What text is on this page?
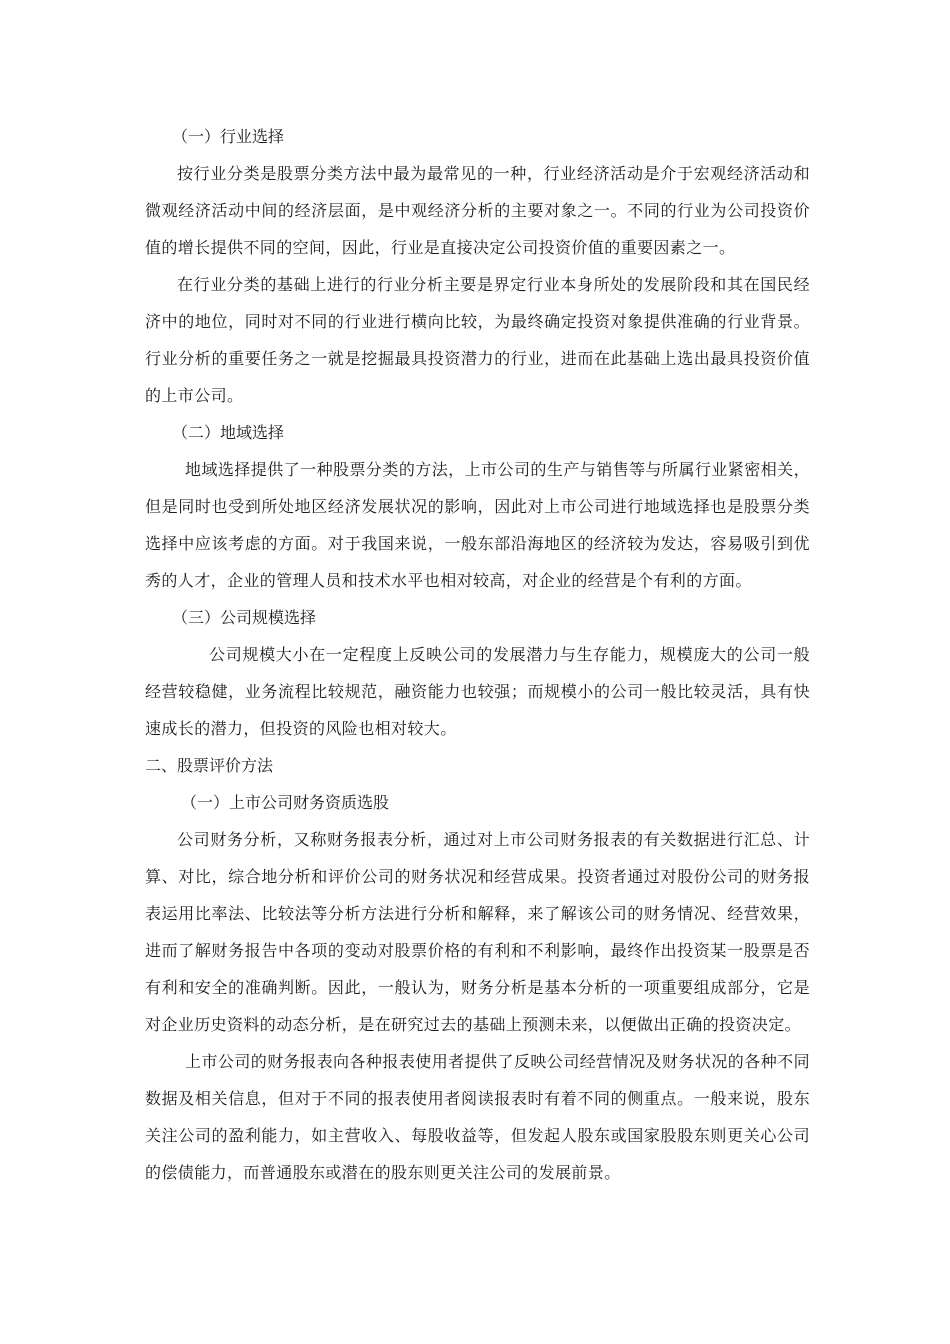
（一）行业选择

按行业分类是股票分类方法中最为最常见的一种，行业经济活动是介于宏观经济活动和微观经济活动中间的经济层面，是中观经济分析的主要对象之一。不同的行业为公司投资价值的增长提供不同的空间，因此，行业是直接决定公司投资价值的重要因素之一。

在行业分类的基础上进行的行业分析主要是界定行业本身所处的发展阶段和其在国民经济中的地位，同时对不同的行业进行横向比较，为最终确定投资对象提供准确的行业背景。行业分析的重要任务之一就是挖掘最具投资潜力的行业，进而在此基础上选出最具投资价值的上市公司。

（二）地域选择

地域选择提供了一种股票分类的方法，上市公司的生产与销售等与所属行业紧密相关，但是同时也受到所处地区经济发展状况的影响，因此对上市公司进行地域选择也是股票分类选择中应该考虑的方面。对于我国来说，一般东部沿海地区的经济较为发达，容易吸引到优秀的人才，企业的管理人员和技术水平也相对较高，对企业的经营是个有利的方面。

（三）公司规模选择

公司规模大小在一定程度上反映公司的发展潜力与生存能力，规模庞大的公司一般经营较稳健，业务流程比较规范，融资能力也较强；而规模小的公司一般比较灵活，具有快速成长的潜力，但投资的风险也相对较大。

二、股票评价方法

（一）上市公司财务资质选股

公司财务分析，又称财务报表分析，通过对上市公司财务报表的有关数据进行汇总、计算、对比，综合地分析和评价公司的财务状况和经营成果。投资者通过对股份公司的财务报表运用比率法、比较法等分析方法进行分析和解释，来了解该公司的财务情况、经营效果，进而了解财务报告中各项的变动对股票价格的有利和不利影响，最终作出投资某一股票是否有利和安全的准确判断。因此，一般认为，财务分析是基本分析的一项重要组成部分，它是对企业历史资料的动态分析，是在研究过去的基础上预测未来，以便做出正确的投资决定。

上市公司的财务报表向各种报表使用者提供了反映公司经营情况及财务状况的各种不同数据及相关信息，但对于不同的报表使用者阅读报表时有着不同的侧重点。一般来说，股东关注公司的盈利能力，如主营收入、每股收益等，但发起人股东或国家股股东则更关心公司的偿债能力，而普通股东或潜在的股东则更关注公司的发展前景。
